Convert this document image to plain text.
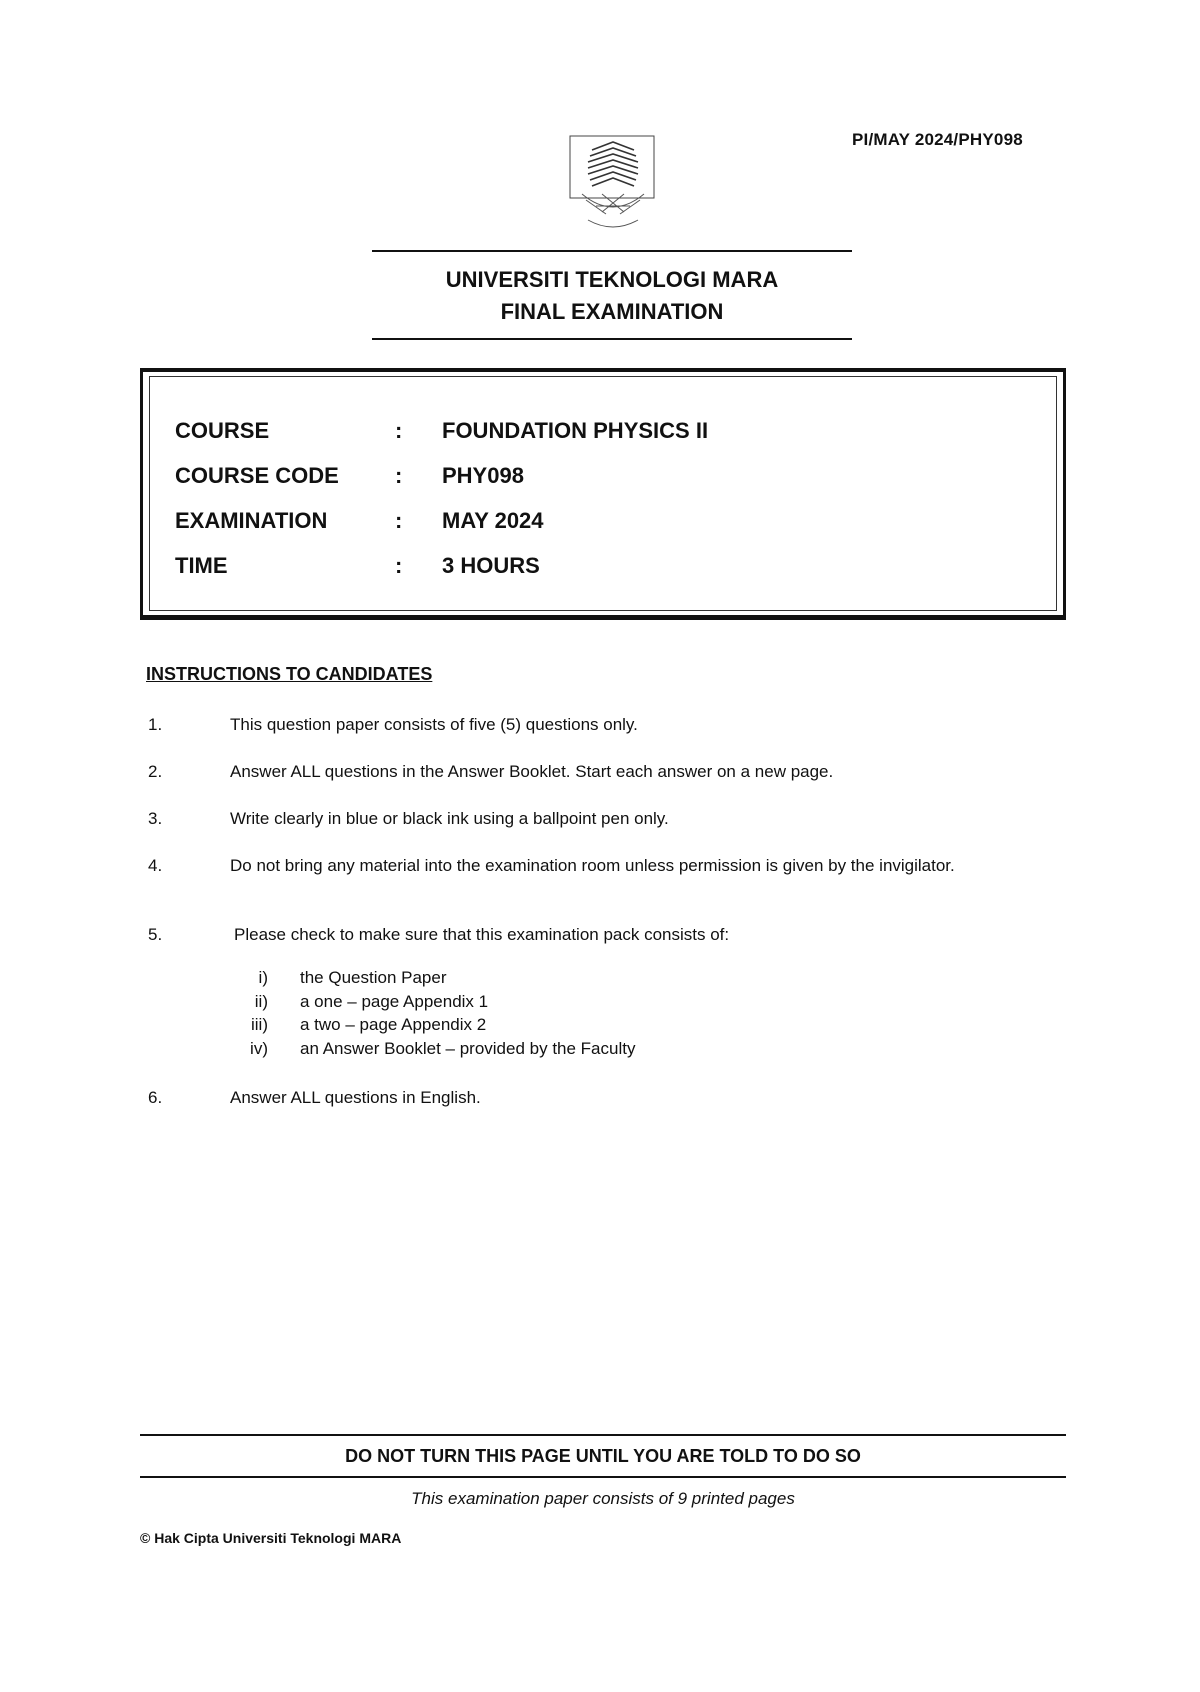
PI/MAY 2024/PHY098
UNIVERSITI TEKNOLOGI MARA
FINAL EXAMINATION
COURSE	: FOUNDATION PHYSICS II
COURSE CODE	: PHY098
EXAMINATION	: MAY 2024
TIME	: 3 HOURS
INSTRUCTIONS TO CANDIDATES
1.	This question paper consists of five (5) questions only.
2.	Answer ALL questions in the Answer Booklet. Start each answer on a new page.
3.	Write clearly in blue or black ink using a ballpoint pen only.
4.	Do not bring any material into the examination room unless permission is given by the invigilator.
5.	Please check to make sure that this examination pack consists of:
i) the Question Paper
ii) a one – page Appendix 1
iii) a two – page Appendix 2
iv) an Answer Booklet – provided by the Faculty
6.	Answer ALL questions in English.
DO NOT TURN THIS PAGE UNTIL YOU ARE TOLD TO DO SO
This examination paper consists of 9 printed pages
© Hak Cipta Universiti Teknologi MARA
